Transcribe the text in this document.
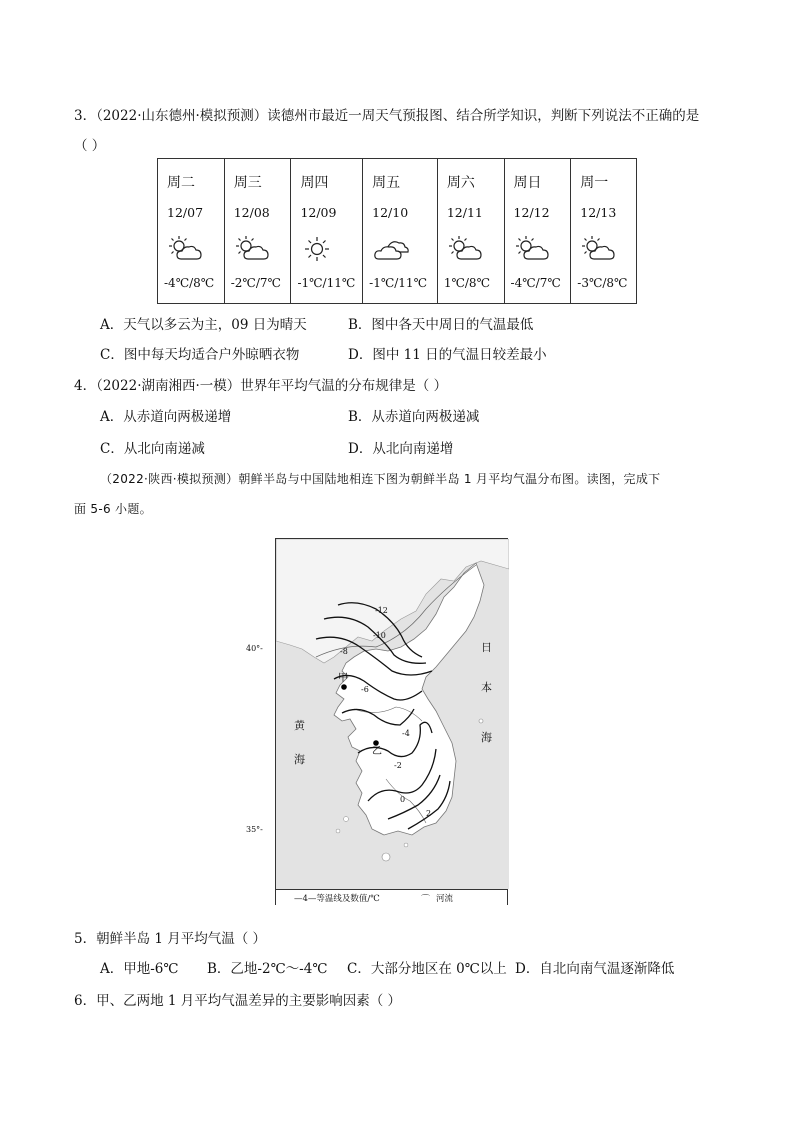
3．（2022·山东德州·模拟预测）读德州市最近一周天气预报图、结合所学知识，判断下列说法不正确的是
（ ）
周二
12/07
-4℃/8℃
周三
12/08
-2℃/7℃
周四
12/09
-1℃/11℃
周五
12/10
-1℃/11℃
周六
12/11
1℃/8℃
周日
12/12
-4℃/7℃
周一
12/13
-3℃/8℃
A．天气以多云为主，09 日为晴天	B．图中各天中周日的气温最低
C．图中每天均适合户外晾晒衣物	D．图中 11 日的气温日较差最小
4．（2022·湖南湘西·一模）世界年平均气温的分布规律是（ ）
A．从赤道向两极递增	B．从赤道向两极递减
C．从北向南递减	D．从北向南递增
（2022·陕西·模拟预测）朝鲜半岛与中国陆地相连下图为朝鲜半岛 1 月平均气温分布图。读图，完成下
面 5-6 小题。
40°-
35°-
甲
乙
-12
-10
-8
-6
-4
-2
0
2
黄
海
日
本
海
—4—等温线及数值/℃	⌒ 河流
5．朝鲜半岛 1 月平均气温（ ）
A．甲地-6℃ B．乙地-2℃～-4℃ C．大部分地区在 0℃以上 D．自北向南气温逐渐降低
6．甲、乙两地 1 月平均气温差异的主要影响因素（ ）
